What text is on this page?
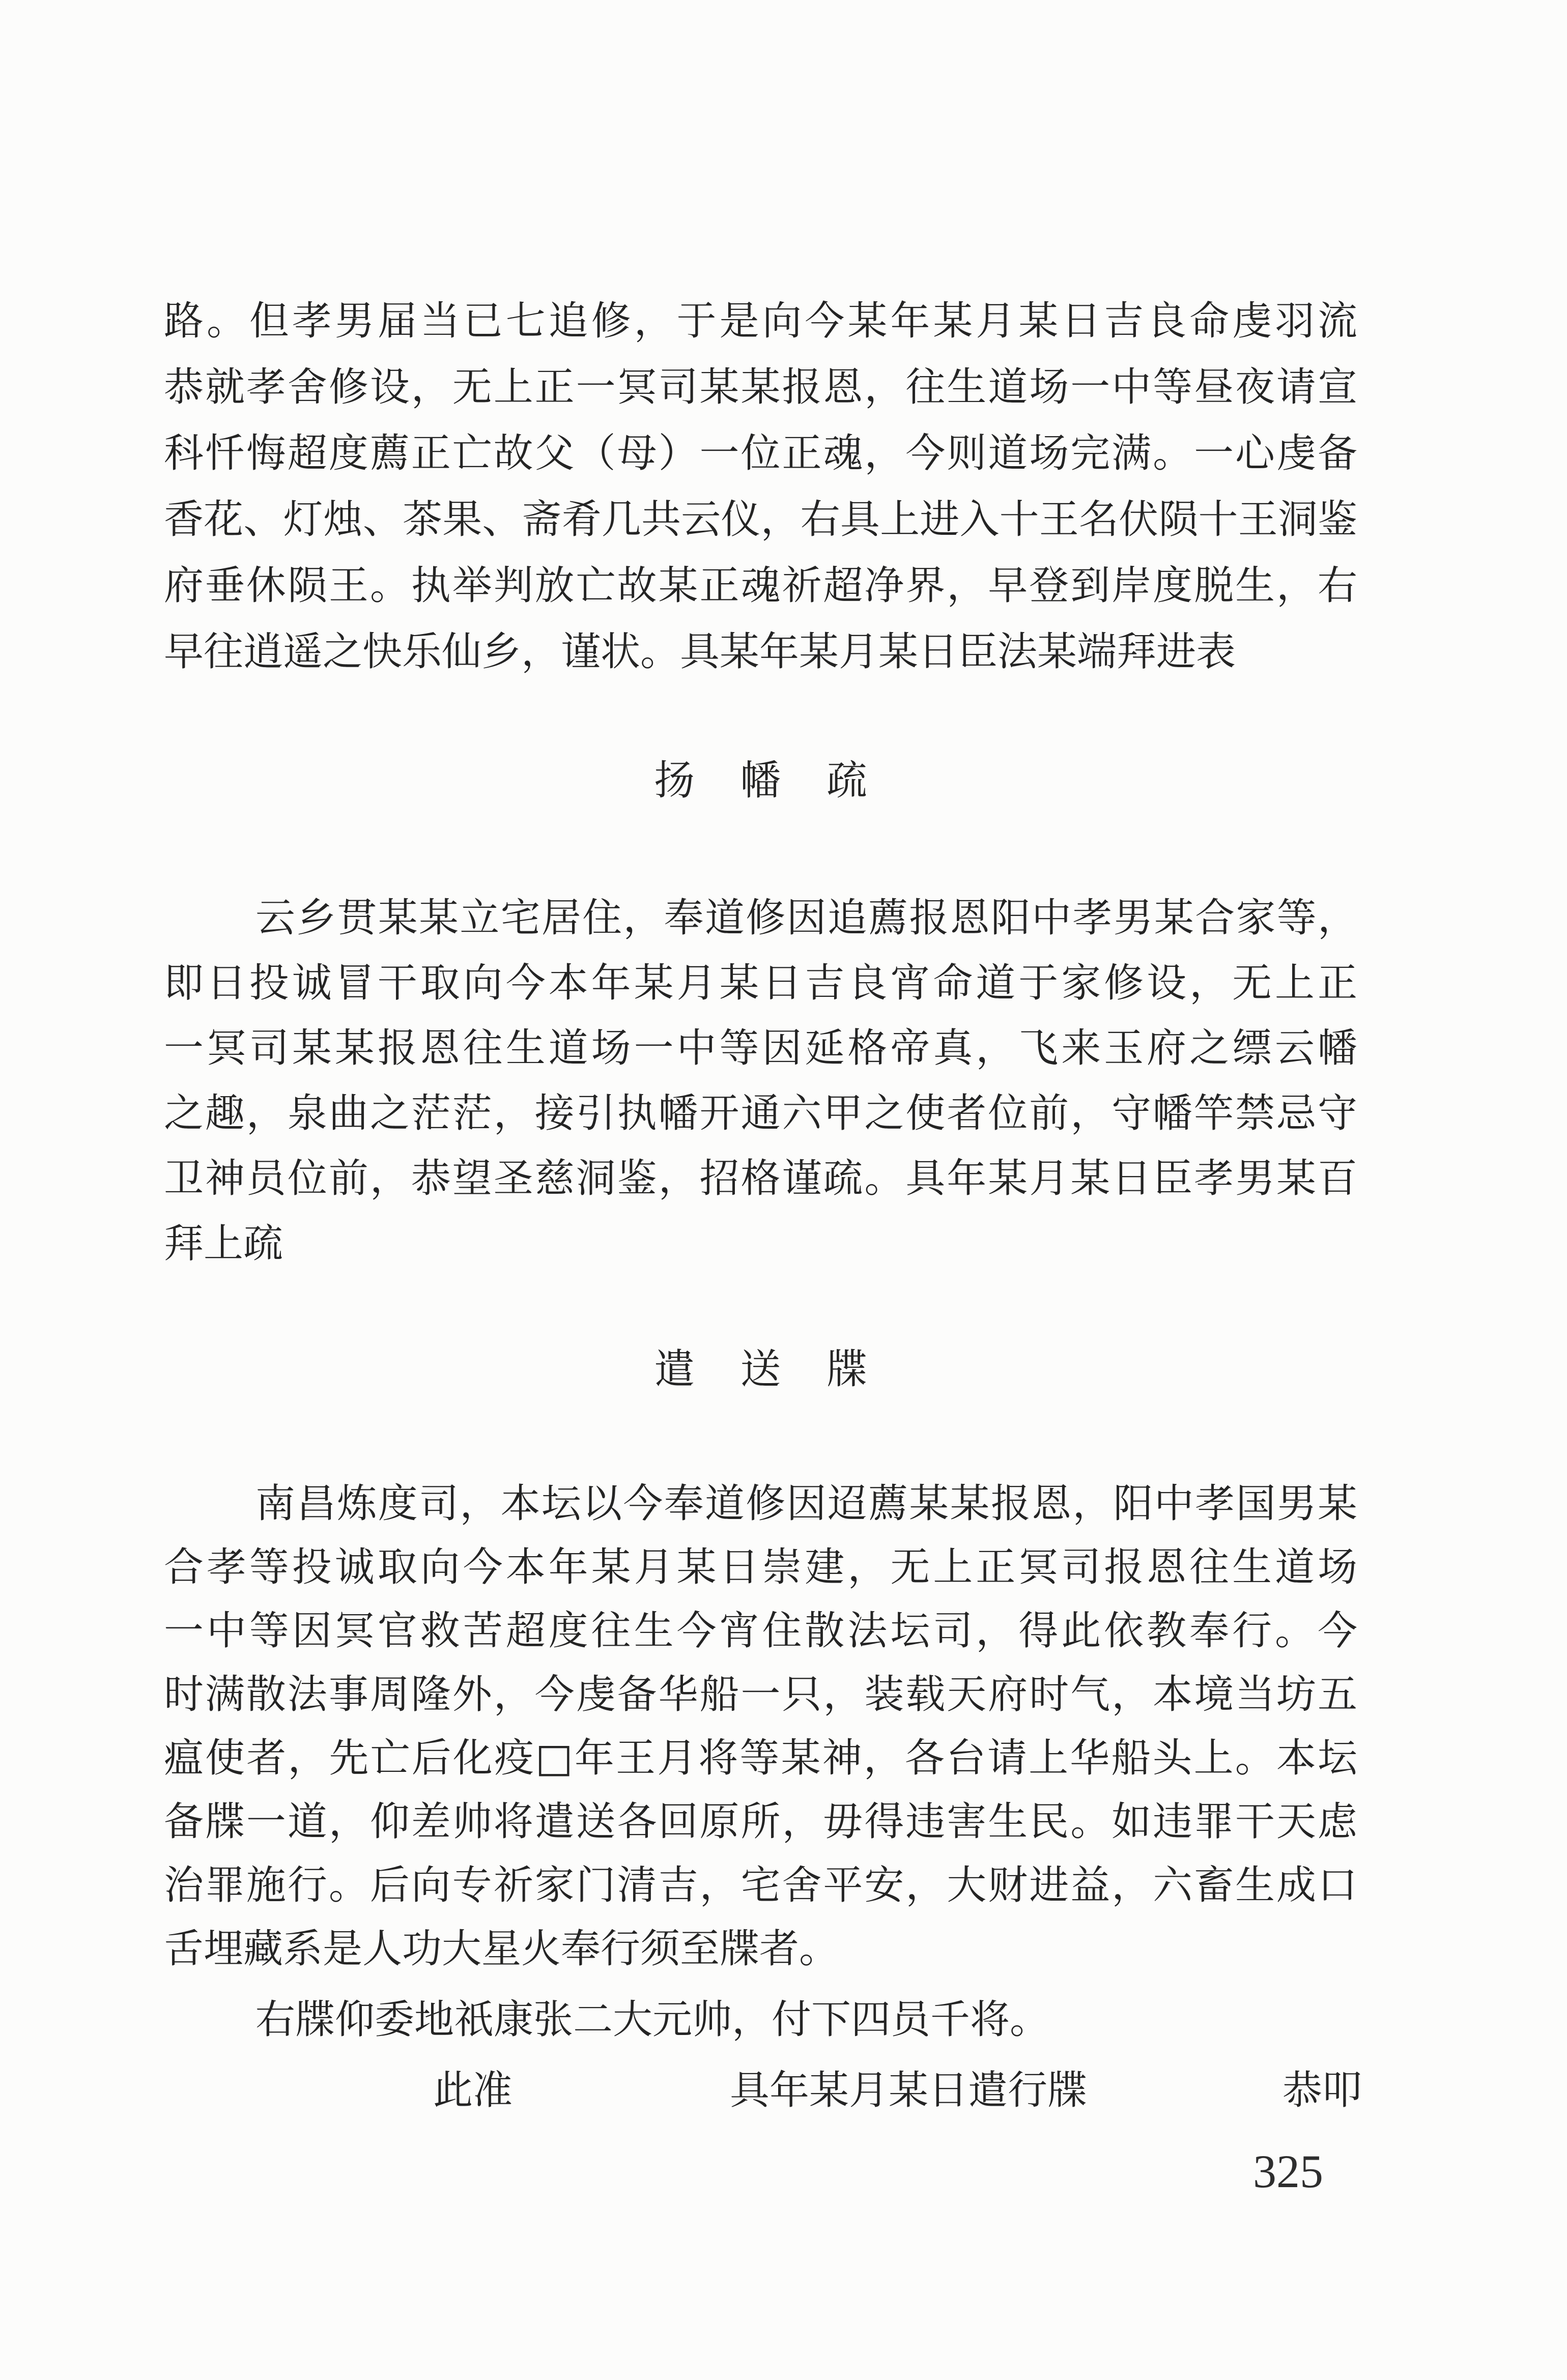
路。但孝男届当已七追修，于是向今某年某月某日吉良命虔羽流
恭就孝舍修设，无上正一冥司某某报恩，往生道场一中等昼夜请宣
科忏悔超度薦正亡故父（母）一位正魂，今则道场完满。一心虔备
香花、灯烛、茶果、斋肴几共云仪，右具上进入十王名伏陨十王洞鉴
府垂休陨王。执举判放亡故某正魂祈超净界，早登到岸度脱生，右
早往逍遥之快乐仙乡，谨状。具某年某月某日臣法某端拜进表
扬 幡 疏
云乡贯某某立宅居住，奉道修因追薦报恩阳中孝男某合家等，
即日投诚冒干取向今本年某月某日吉良宵命道于家修设，无上正
一冥司某某报恩往生道场一中等因延格帝真，飞来玉府之缥云幡
之趣，泉曲之茫茫，接引执幡开通六甲之使者位前，守幡竿禁忌守
卫神员位前，恭望圣慈洞鉴，招格谨疏。具年某月某日臣孝男某百
拜上疏
遣 送 牒
南昌炼度司，本坛以今奉道修因迢薦某某报恩，阳中孝国男某
合孝等投诚取向今本年某月某日崇建，无上正冥司报恩往生道场
一中等因冥官救苦超度往生今宵住散法坛司，得此依教奉行。今
时满散法事周隆外，今虔备华船一只，装载天府时气，本境当坊五
瘟使者，先亡后化疫□年王月将等某神，各台请上华船头上。本坛
备牒一道，仰差帅将遣送各回原所，毋得违害生民。如违罪干天虑
治罪施行。后向专祈家门清吉，宅舍平安，大财进益，六畜生成口
舌埋藏系是人功大星火奉行须至牒者。
右牒仰委地祇康张二大元帅，付下四员千将。
此准	具年某月某日遣行牒	恭叩
325
